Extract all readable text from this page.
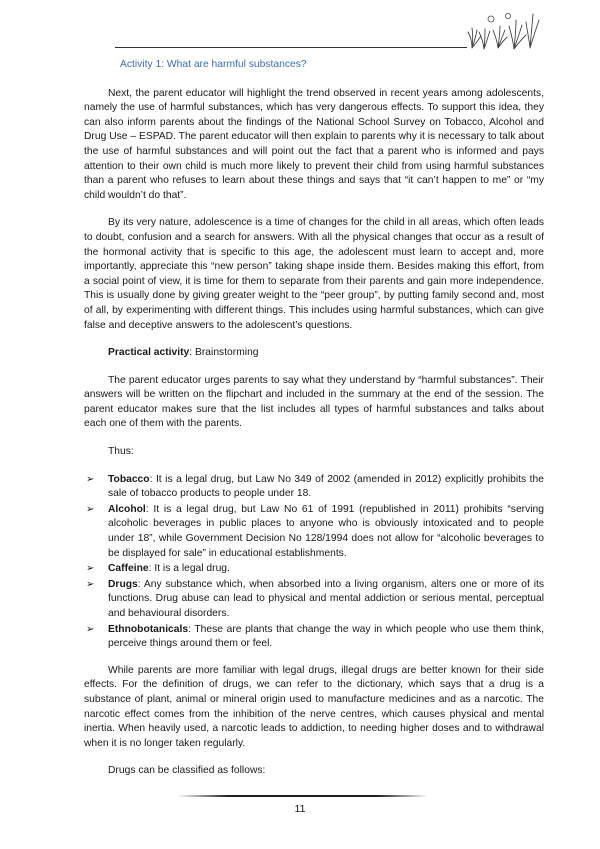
Activity 1: What are harmful substances?

Next, the parent educator will highlight the trend observed in recent years among adolescents, namely the use of harmful substances, which has very dangerous effects. To support this idea, they can also inform parents about the findings of the National School Survey on Tobacco, Alcohol and Drug Use – ESPAD. The parent educator will then explain to parents why it is necessary to talk about the use of harmful substances and will point out the fact that a parent who is informed and pays attention to their own child is much more likely to prevent their child from using harmful substances than a parent who refuses to learn about these things and says that “it can’t happen to me” or “my child wouldn’t do that”.

By its very nature, adolescence is a time of changes for the child in all areas, which often leads to doubt, confusion and a search for answers. With all the physical changes that occur as a result of the hormonal activity that is specific to this age, the adolescent must learn to accept and, more importantly, appreciate this “new person” taking shape inside them. Besides making this effort, from a social point of view, it is time for them to separate from their parents and gain more independence. This is usually done by giving greater weight to the “peer group”, by putting family second and, most of all, by experimenting with different things. This includes using harmful substances, which can give false and deceptive answers to the adolescent’s questions.

Practical activity: Brainstorming

The parent educator urges parents to say what they understand by “harmful substances”. Their answers will be written on the flipchart and included in the summary at the end of the session. The parent educator makes sure that the list includes all types of harmful substances and talks about each one of them with the parents.

Thus:
➢ Tobacco: It is a legal drug, but Law No 349 of 2002 (amended in 2012) explicitly prohibits the sale of tobacco products to people under 18.
➢ Alcohol: It is a legal drug, but Law No 61 of 1991 (republished in 2011) prohibits “serving alcoholic beverages in public places to anyone who is obviously intoxicated and to people under 18”, while Government Decision No 128/1994 does not allow for “alcoholic beverages to be displayed for sale” in educational establishments.
➢ Caffeine: It is a legal drug.
➢ Drugs: Any substance which, when absorbed into a living organism, alters one or more of its functions. Drug abuse can lead to physical and mental addiction or serious mental, perceptual and behavioural disorders.
➢ Ethnobotanicals: These are plants that change the way in which people who use them think, perceive things around them or feel.

While parents are more familiar with legal drugs, illegal drugs are better known for their side effects. For the definition of drugs, we can refer to the dictionary, which says that a drug is a substance of plant, animal or mineral origin used to manufacture medicines and as a narcotic. The narcotic effect comes from the inhibition of the nerve centres, which causes physical and mental inertia. When heavily used, a narcotic leads to addiction, to needing higher doses and to withdrawal when it is no longer taken regularly.

Drugs can be classified as follows:
11
